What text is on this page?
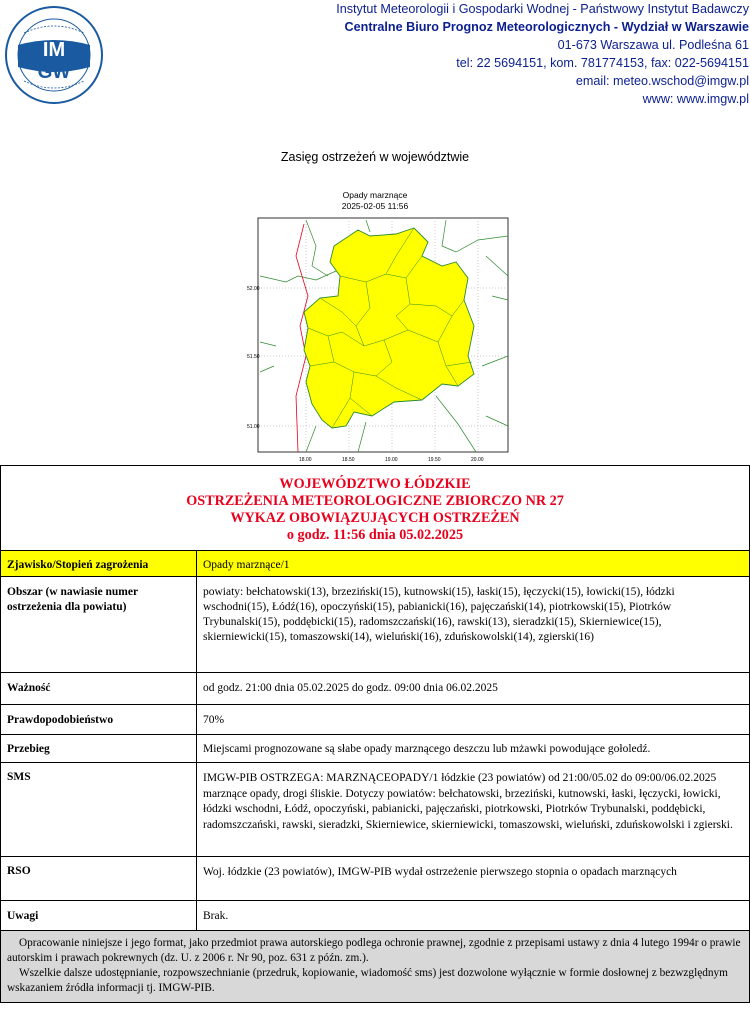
IM
GW
Instytut Meteorologii i Gospodarki Wodnej - Państwowy Instytut Badawczy
Centralne Biuro Prognoz Meteorologicznych - Wydział w Warszawie
01-673 Warszawa ul. Podleśna 61
tel: 22 5694151, kom. 781774153, fax: 022-5694151
email: meteo.wschod@imgw.pl
www: www.imgw.pl
Zasięg ostrzeżeń w województwie
Opady marznące
2025-02-05 11:56
52.00
51.50
51.00
18.00	18.50	19.00	19.50	20.00
WOJEWÓDZTWO ŁÓDZKIE
OSTRZEŻENIA METEOROLOGICZNE ZBIORCZO NR 27
WYKAZ OBOWIĄZUJĄCYCH OSTRZEŻEŃ
o godz. 11:56 dnia 05.02.2025	

Zjawisko/Stopień zagrożenia	Opady marznące/1
Obszar (w nawiasie numer ostrzeżenia dla powiatu)	powiaty: bełchatowski(13), brzeziński(15), kutnowski(15), łaski(15), łęczycki(15), łowicki(15), łódzki wschodni(15), Łódź(16), opoczyński(15), pabianicki(16), pajęczański(14), piotrkowski(15), Piotrków Trybunalski(15), poddębicki(15), radomszczański(16), rawski(13), sieradzki(15), Skierniewice(15), skierniewicki(15), tomaszowski(14), wieluński(16), zduńskowolski(14), zgierski(16)
Ważność	od godz. 21:00 dnia 05.02.2025 do godz. 09:00 dnia 06.02.2025
Prawdopodobieństwo	70%
Przebieg	Miejscami prognozowane są słabe opady marznącego deszczu lub mżawki powodujące gołoledź.
SMS	IMGW-PIB OSTRZEGA: MARZNĄCEOPADY/1 łódzkie (23 powiatów) od 21:00/05.02 do 09:00/06.02.2025 marznące opady, drogi śliskie. Dotyczy powiatów: bełchatowski, brzeziński, kutnowski, łaski, łęczycki, łowicki, łódzki wschodni, Łódź, opoczyński, pabianicki, pajęczański, piotrkowski, Piotrków Trybunalski, poddębicki, radomszczański, rawski, sieradzki, Skierniewice, skierniewicki, tomaszowski, wieluński, zduńskowolski i zgierski.
RSO	Woj. łódzkie (23 powiatów), IMGW-PIB wydał ostrzeżenie pierwszego stopnia o opadach marznących
Uwagi	Brak.

Opracowanie niniejsze i jego format, jako przedmiot prawa autorskiego podlega ochronie prawnej, zgodnie z przepisami ustawy z dnia 4 lutego 1994r o prawie autorskim i prawach pokrewnych (dz. U. z 2006 r. Nr 90, poz. 631 z późn. zm.).

Wszelkie dalsze udostępnianie, rozpowszechnianie (przedruk, kopiowanie, wiadomość sms) jest dozwolone wyłącznie w formie dosłownej z bezwzględnym wskazaniem źródła informacji tj. IMGW-PIB.	
